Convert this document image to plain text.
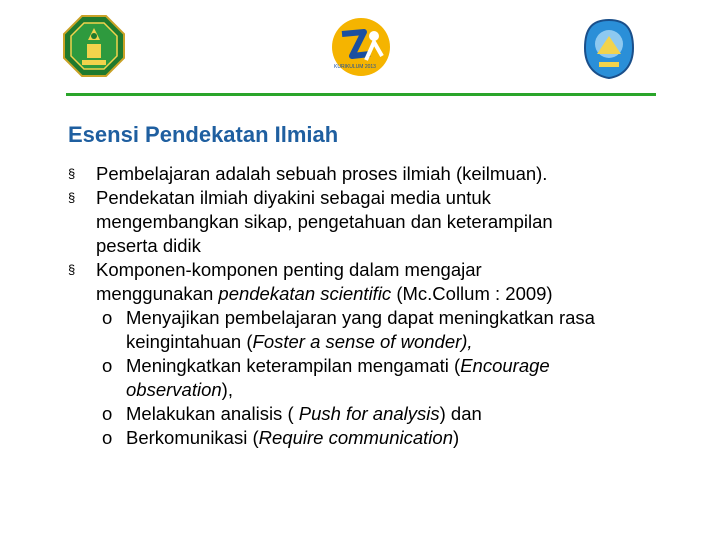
KURIKULUM 2013
Esensi Pendekatan Ilmiah
§ Pembelajaran adalah sebuah proses ilmiah (keilmuan).
§ Pendekatan ilmiah diyakini sebagai media untuk
mengembangkan sikap, pengetahuan dan keterampilan
peserta didik
§ Komponen-komponen penting dalam mengajar
menggunakan pendekatan scientific (Mc.Collum : 2009)
o Menyajikan pembelajaran yang dapat meningkatkan rasa
keingintahuan (Foster a sense of wonder),
o Meningkatkan keterampilan mengamati (Encourage
observation),
o Melakukan analisis ( Push for analysis) dan
o Berkomunikasi (Require communication)
